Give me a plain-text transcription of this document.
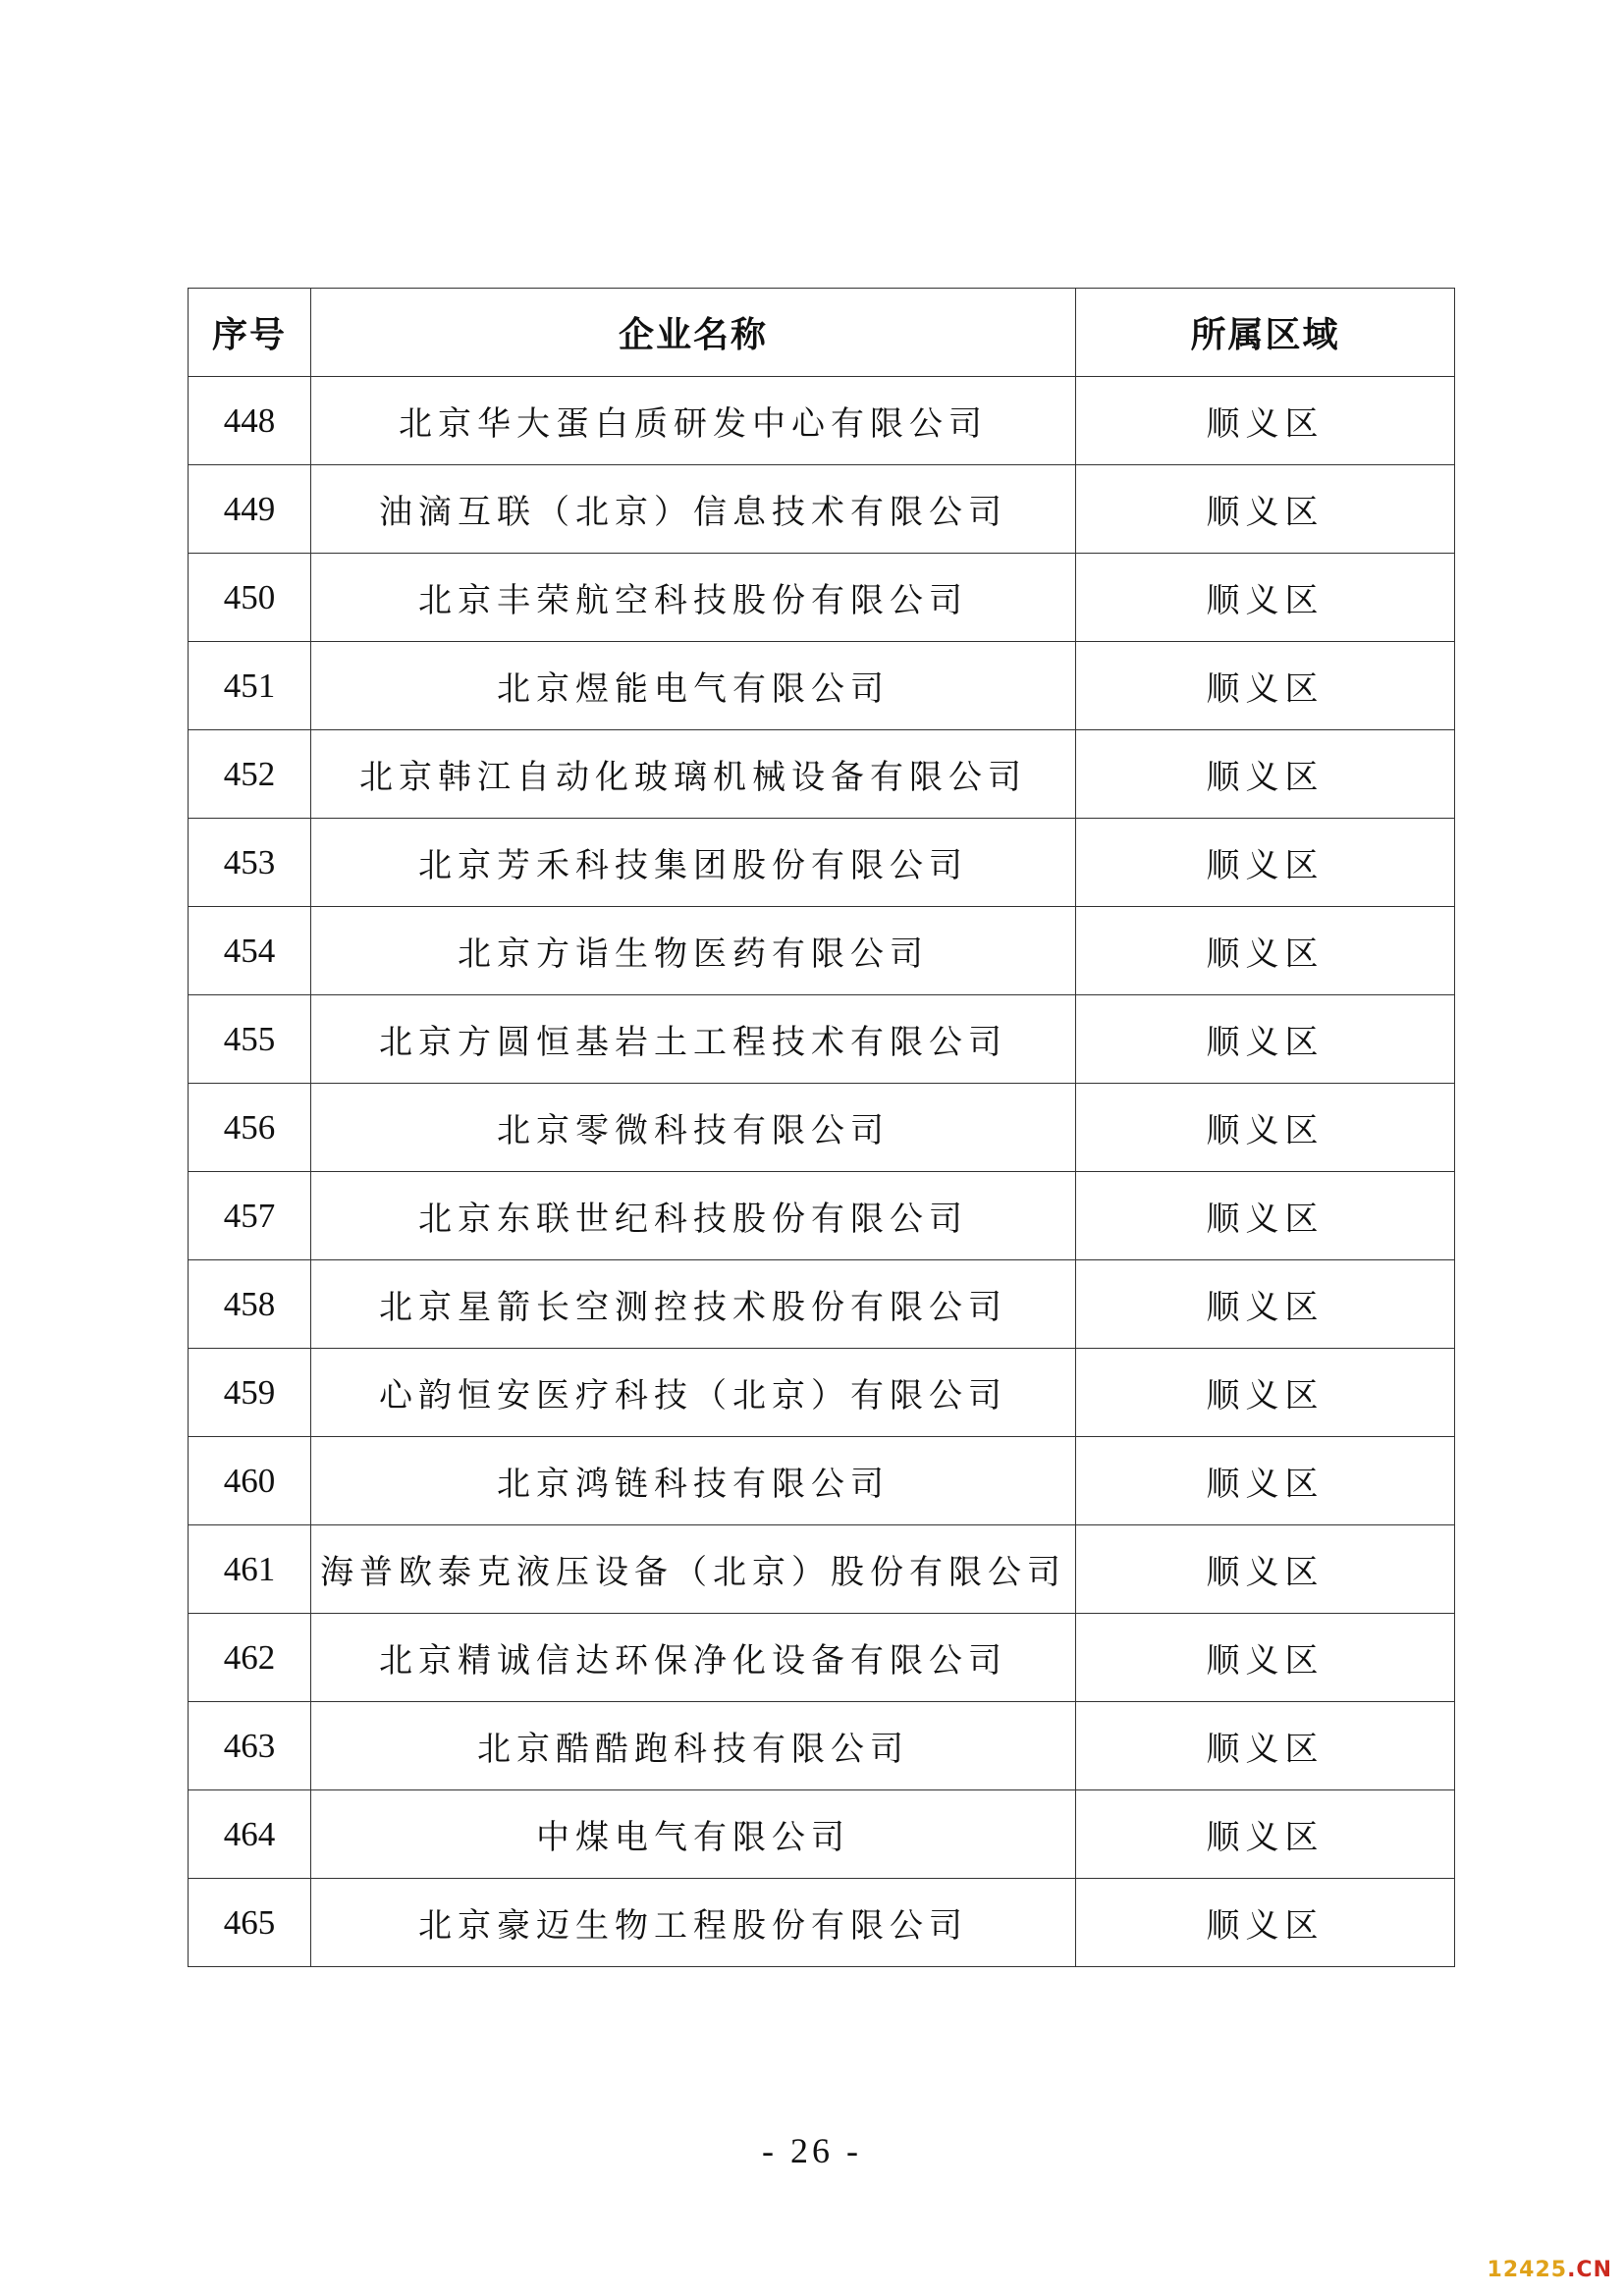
序号	企业名称	所属区域
448	北京华大蛋白质研发中心有限公司	顺义区
449	油滴互联（北京）信息技术有限公司	顺义区
450	北京丰荣航空科技股份有限公司	顺义区
451	北京煜能电气有限公司	顺义区
452	北京韩江自动化玻璃机械设备有限公司	顺义区
453	北京芳禾科技集团股份有限公司	顺义区
454	北京方诣生物医药有限公司	顺义区
455	北京方圆恒基岩土工程技术有限公司	顺义区
456	北京零微科技有限公司	顺义区
457	北京东联世纪科技股份有限公司	顺义区
458	北京星箭长空测控技术股份有限公司	顺义区
459	心韵恒安医疗科技（北京）有限公司	顺义区
460	北京鸿链科技有限公司	顺义区
461	海普欧泰克液压设备（北京）股份有限公司	顺义区
462	北京精诚信达环保净化设备有限公司	顺义区
463	北京酷酷跑科技有限公司	顺义区
464	中煤电气有限公司	顺义区
465	北京豪迈生物工程股份有限公司	顺义区
- 26 -
12425.CN
